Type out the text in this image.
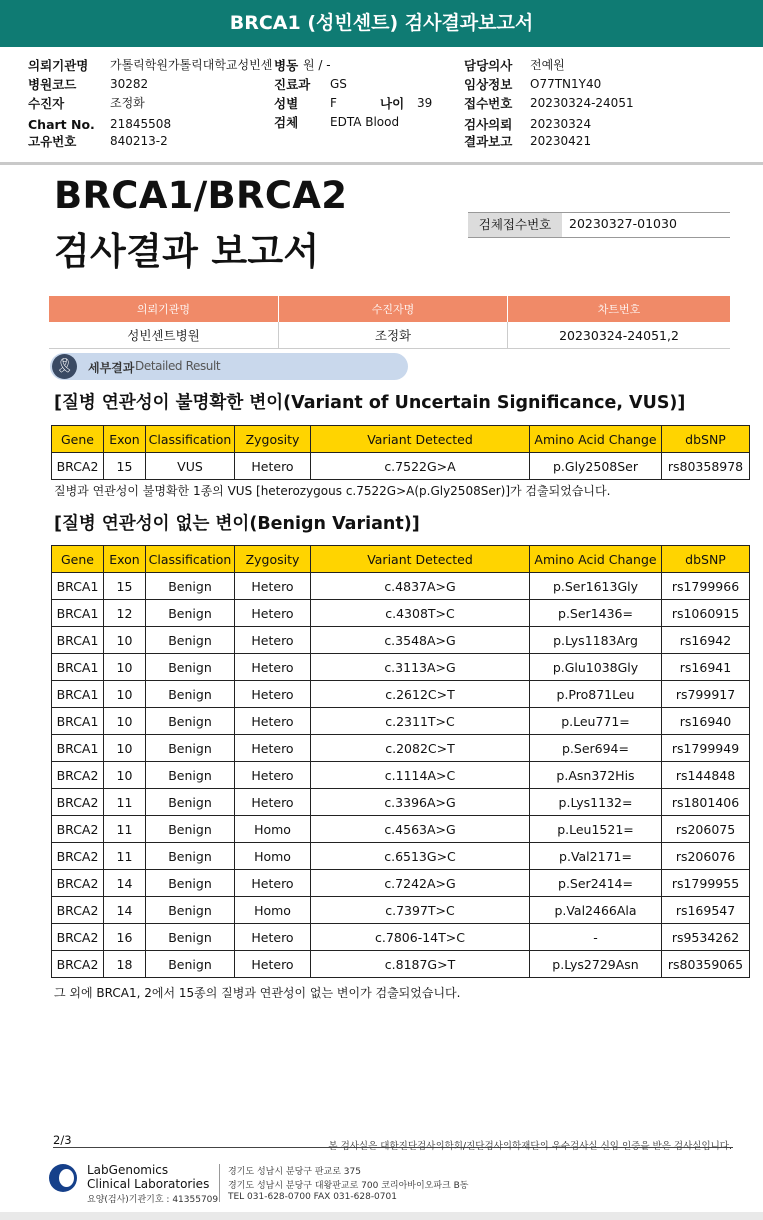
BRCA1 (성빈센트) 검사결과보고서
의뢰기관명 가톨릭학원가톨릭대학교성빈센
병원코드	30282
수진자	조정화
Chart No. 21845508
고유번호	840213-2
병동 원 / -
진료과 GS
성별	F	나이 39
검체	EDTA Blood
담당의사 전예원
임상정보 O77TN1Y40
접수번호 20230324-24051
검사의뢰 20230324
결과보고 20230421
BRCA1/BRCA2
검사결과 보고서
검체접수번호	20230327-01030
의뢰기관명	수진자명	차트번호
성빈센트병원	조정화	20230324-24051,2
🎗	세부결과 Detailed Result
[질병 연관성이 불명확한 변이(Variant of Uncertain Significance, VUS)]
Gene	Exon	Classification	Zygosity	Variant Detected	Amino Acid Change	dbSNP
BRCA2	15	VUS	Hetero	c.7522G>A	p.Gly2508Ser	rs80358978
질병과 연관성이 불명확한 1종의 VUS [heterozygous c.7522G>A(p.Gly2508Ser)]가 검출되었습니다.
[질병 연관성이 없는 변이(Benign Variant)]
Gene	Exon	Classification	Zygosity	Variant Detected	Amino Acid Change	dbSNP
BRCA1	15	Benign	Hetero	c.4837A>G	p.Ser1613Gly	rs1799966
BRCA1	12	Benign	Hetero	c.4308T>C	p.Ser1436=	rs1060915
BRCA1	10	Benign	Hetero	c.3548A>G	p.Lys1183Arg	rs16942
BRCA1	10	Benign	Hetero	c.3113A>G	p.Glu1038Gly	rs16941
BRCA1	10	Benign	Hetero	c.2612C>T	p.Pro871Leu	rs799917
BRCA1	10	Benign	Hetero	c.2311T>C	p.Leu771=	rs16940
BRCA1	10	Benign	Hetero	c.2082C>T	p.Ser694=	rs1799949
BRCA2	10	Benign	Hetero	c.1114A>C	p.Asn372His	rs144848
BRCA2	11	Benign	Hetero	c.3396A>G	p.Lys1132=	rs1801406
BRCA2	11	Benign	Homo	c.4563A>G	p.Leu1521=	rs206075
BRCA2	11	Benign	Homo	c.6513G>C	p.Val2171=	rs206076
BRCA2	14	Benign	Hetero	c.7242A>G	p.Ser2414=	rs1799955
BRCA2	14	Benign	Homo	c.7397T>C	p.Val2466Ala	rs169547
BRCA2	16	Benign	Hetero	c.7806-14T>C	-	rs9534262
BRCA2	18	Benign	Hetero	c.8187G>T	p.Lys2729Asn	rs80359065
그 외에 BRCA1, 2에서 15종의 질병과 연관성이 없는 변이가 검출되었습니다.
2/3
LabGenomics
Clinical Laboratories
요양(검사)기관기호 : 41355709
경기도 성남시 분당구 판교로 375
경기도 성남시 분당구 대왕판교로 700 코리아바이오파크 B동
TEL 031-628-0700 FAX 031-628-0701
